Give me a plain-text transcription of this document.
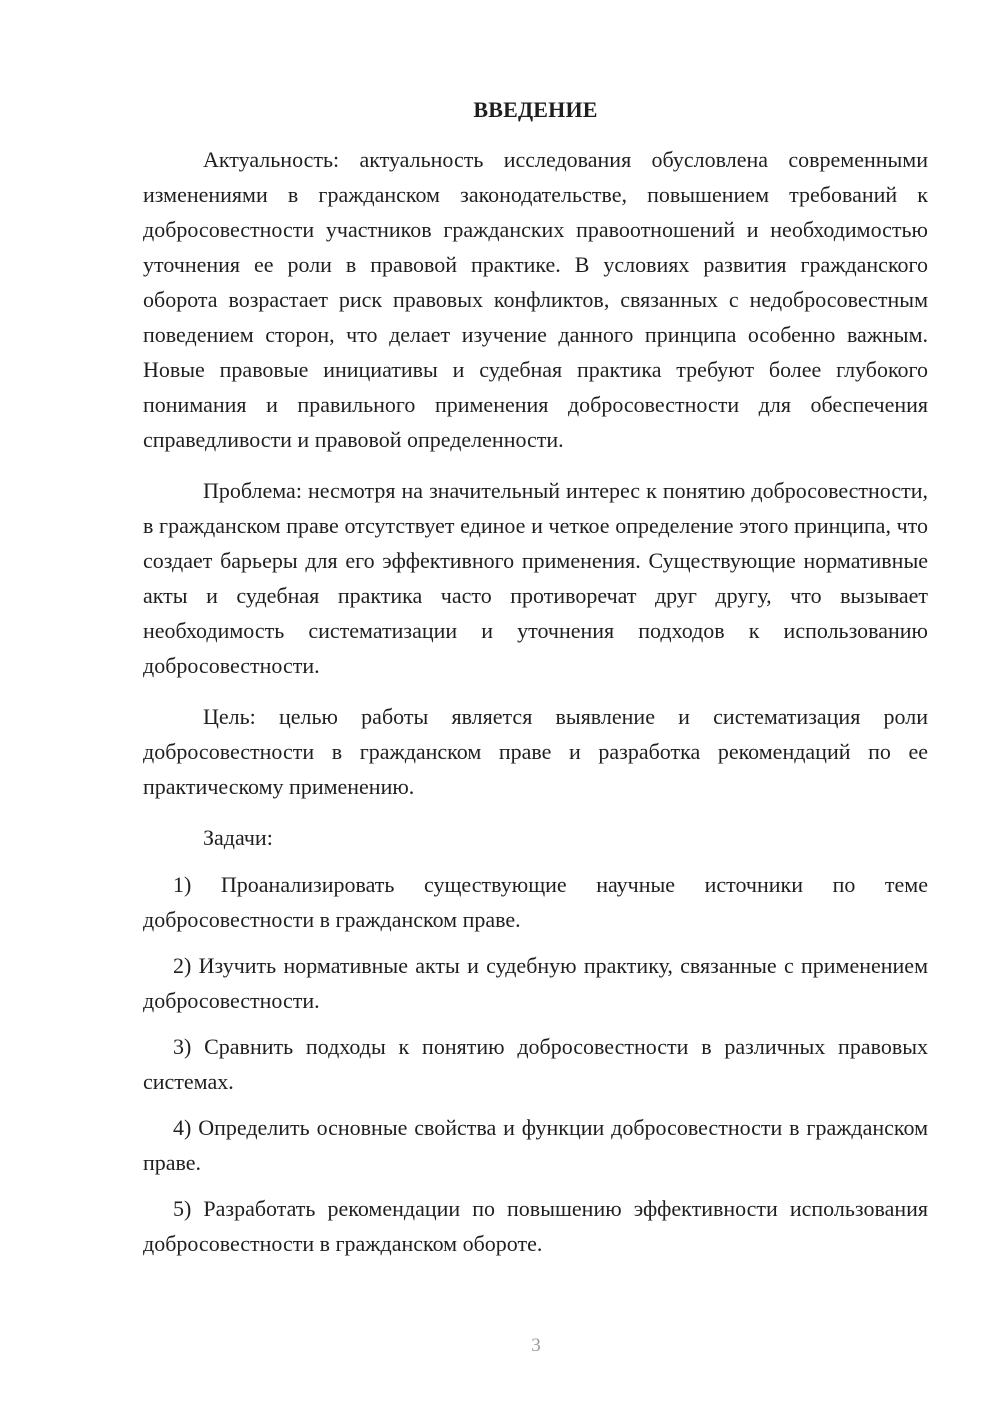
ВВЕДЕНИЕ

Актуальность: актуальность исследования обусловлена современными изменениями в гражданском законодательстве, повышением требований к добросовестности участников гражданских правоотношений и необходимостью уточнения ее роли в правовой практике. В условиях развития гражданского оборота возрастает риск правовых конфликтов, связанных с недобросовестным поведением сторон, что делает изучение данного принципа особенно важным. Новые правовые инициативы и судебная практика требуют более глубокого понимания и правильного применения добросовестности для обеспечения справедливости и правовой определенности.

Проблема: несмотря на значительный интерес к понятию добросовестности, в гражданском праве отсутствует единое и четкое определение этого принципа, что создает барьеры для его эффективного применения. Существующие нормативные акты и судебная практика часто противоречат друг другу, что вызывает необходимость систематизации и уточнения подходов к использованию добросовестности.

Цель: целью работы является выявление и систематизация роли добросовестности в гражданском праве и разработка рекомендаций по ее практическому применению.

Задачи:

1) Проанализировать существующие научные источники по теме добросовестности в гражданском праве.

2) Изучить нормативные акты и судебную практику, связанные с применением добросовестности.

3) Сравнить подходы к понятию добросовестности в различных правовых системах.

4) Определить основные свойства и функции добросовестности в гражданском праве.

5) Разработать рекомендации по повышению эффективности использования добросовестности в гражданском обороте.

3
